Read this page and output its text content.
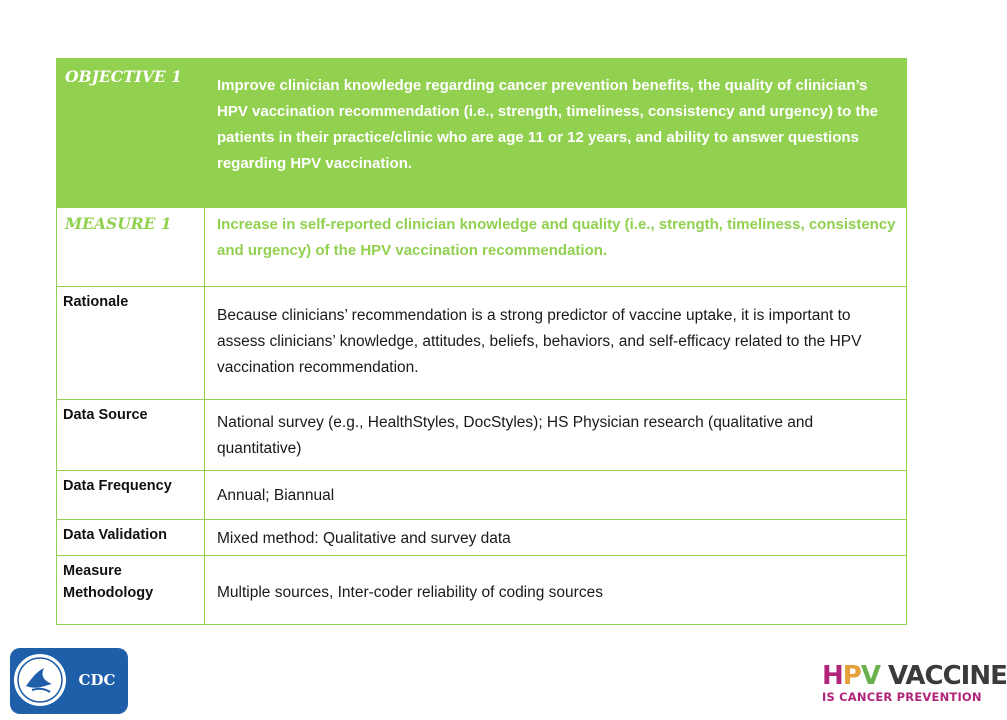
OBJECTIVE 1	Improve clinician knowledge regarding cancer prevention benefits, the quality of clinician’s HPV vaccination recommendation (i.e., strength, timeliness, consistency and urgency) to the patients in their practice/clinic who are age 11 or 12 years, and ability to answer questions regarding HPV vaccination.

MEASURE 1	Increase in self-reported clinician knowledge and quality (i.e., strength, timeliness, consistency and urgency) of the HPV vaccination recommendation.

Rationale	Because clinicians’ recommendation is a strong predictor of vaccine uptake, it is important to assess clinicians’ knowledge, attitudes, beliefs, behaviors, and self-efficacy related to the HPV vaccination recommendation.

Data Source	National survey (e.g., HealthStyles, DocStyles); HS Physician research (qualitative and quantitative)

Data Frequency	Annual; Biannual

Data Validation	Mixed method: Qualitative and survey data

Measure Methodology	Multiple sources, Inter-coder reliability of coding sources
CDC	HPV VACCINE
IS CANCER PREVENTION
